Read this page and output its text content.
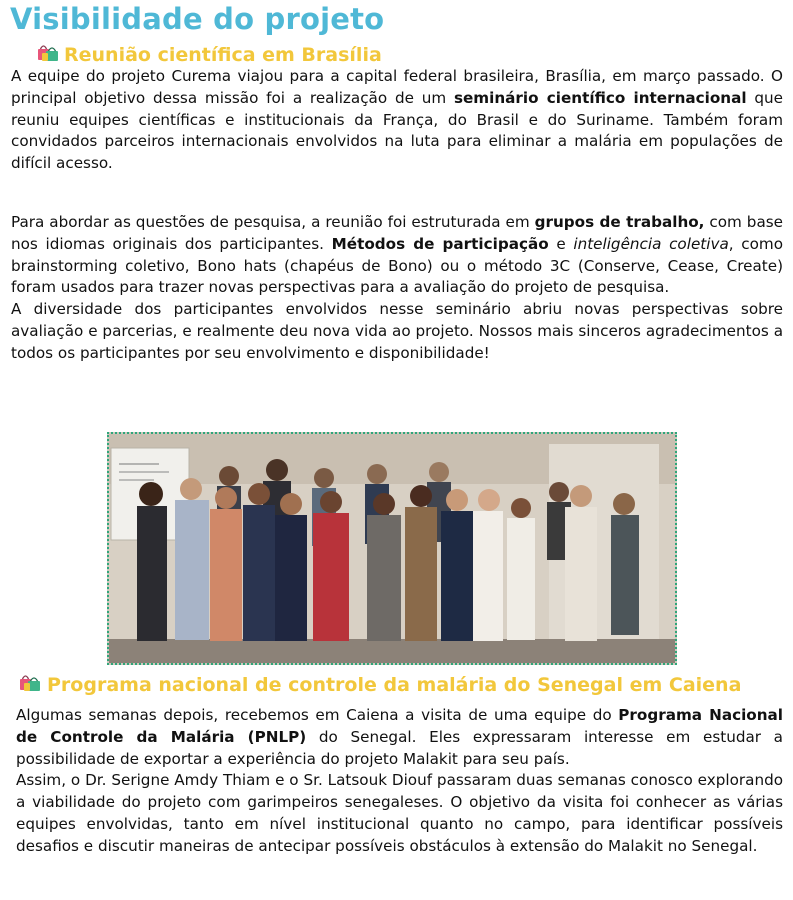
Visibilidade do projeto
Reunião científica em Brasília

A equipe do projeto Curema viajou para a capital federal brasileira, Brasília, em março passado. O principal objetivo dessa missão foi a realização de um seminário científico internacional que reuniu equipes científicas e institucionais da França, do Brasil e do Suriname. Também foram convidados parceiros internacionais envolvidos na luta para eliminar a malária em populações de difícil acesso.

Para abordar as questões de pesquisa, a reunião foi estruturada em grupos de trabalho, com base nos idiomas originais dos participantes. Métodos de participação e inteligência coletiva, como brainstorming coletivo, Bono hats (chapéus de Bono) ou o método 3C (Conserve, Cease, Create) foram usados para trazer novas perspectivas para a avaliação do projeto de pesquisa.
A diversidade dos participantes envolvidos nesse seminário abriu novas perspectivas sobre avaliação e parcerias, e realmente deu nova vida ao projeto. Nossos mais sinceros agradecimentos a todos os participantes por seu envolvimento e disponibilidade!

Programa nacional de controle da malária do Senegal em Caiena

Algumas semanas depois, recebemos em Caiena a visita de uma equipe do Programa Nacional de Controle da Malária (PNLP) do Senegal. Eles expressaram interesse em estudar a possibilidade de exportar a experiência do projeto Malakit para seu país.
Assim, o Dr. Serigne Amdy Thiam e o Sr. Latsouk Diouf passaram duas semanas conosco explorando a viabilidade do projeto com garimpeiros senegaleses. O objetivo da visita foi conhecer as várias equipes envolvidas, tanto em nível institucional quanto no campo, para identificar possíveis desafios e discutir maneiras de antecipar possíveis obstáculos à extensão do Malakit no Senegal.
